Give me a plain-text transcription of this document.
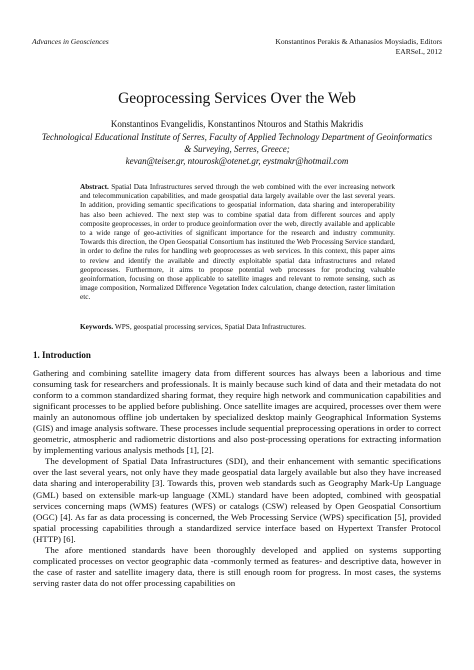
Advances in Geosciences	Konstantinos Perakis & Athanasios Moysiadis, Editors
EARSeL, 2012
Geoprocessing Services Over the Web
Konstantinos Evangelidis, Konstantinos Ntouros and Stathis Makridis
Technological Educational Institute of Serres, Faculty of Applied Technology Department of Geoinformatics & Surveying, Serres, Greece;
kevan@teiser.gr, ntourosk@otenet.gr, eystmakr@hotmail.com
Abstract. Spatial Data Infrastructures served through the web combined with the ever increasing network and telecommunication capabilities, and made geospatial data largely available over the last several years. In addition, providing semantic specifications to geospatial information, data sharing and interoperability has also been achieved. The next step was to combine spatial data from different sources and apply composite geoprocesses, in order to produce geoinformation over the web, directly available and applicable to a wide range of geo-activities of significant importance for the research and industry community. Towards this direction, the Open Geospatial Consortium has instituted the Web Processing Service standard, in order to define the rules for handling web geoprocesses as web services. In this context, this paper aims to review and identify the available and directly exploitable spatial data infrastructures and related geoprocesses. Furthermore, it aims to propose potential web processes for producing valuable geoinformation, focusing on those applicable to satellite images and relevant to remote sensing, such as image composition, Normalized Difference Vegetation Index calculation, change detection, raster limitation etc.
Keywords. WPS, geospatial processing services, Spatial Data Infrastructures.
1. Introduction

Gathering and combining satellite imagery data from different sources has always been a laborious and time consuming task for researchers and professionals. It is mainly because such kind of data and their metadata do not conform to a common standardized sharing format, they require high network and communication capabilities and significant processes to be applied before publishing. Once satellite images are acquired, processes over them were mainly an autonomous offline job undertaken by specialized desktop mainly Geographical Information Systems (GIS) and image analysis software. These processes include sequential preprocessing operations in order to correct geometric, atmospheric and radiometric distortions and also post-processing operations for extracting information by implementing various analysis methods [1], [2].

The development of Spatial Data Infrastructures (SDI), and their enhancement with semantic specifications over the last several years, not only have they made geospatial data largely available but also they have increased data sharing and interoperability [3]. Towards this, proven web standards such as Geography Mark-Up Language (GML) based on extensible mark-up language (XML) standard have been adopted, combined with geospatial services concerning maps (WMS) features (WFS) or catalogs (CSW) released by Open Geospatial Consortium (OGC) [4]. As far as data processing is concerned, the Web Processing Service (WPS) specification [5], provided spatial processing capabilities through a standardized service interface based on Hypertext Transfer Protocol (HTTP) [6].

The afore mentioned standards have been thoroughly developed and applied on systems supporting complicated processes on vector geographic data -commonly termed as features- and descriptive data, however in the case of raster and satellite imagery data, there is still enough room for progress. In most cases, the systems serving raster data do not offer processing capabilities on
